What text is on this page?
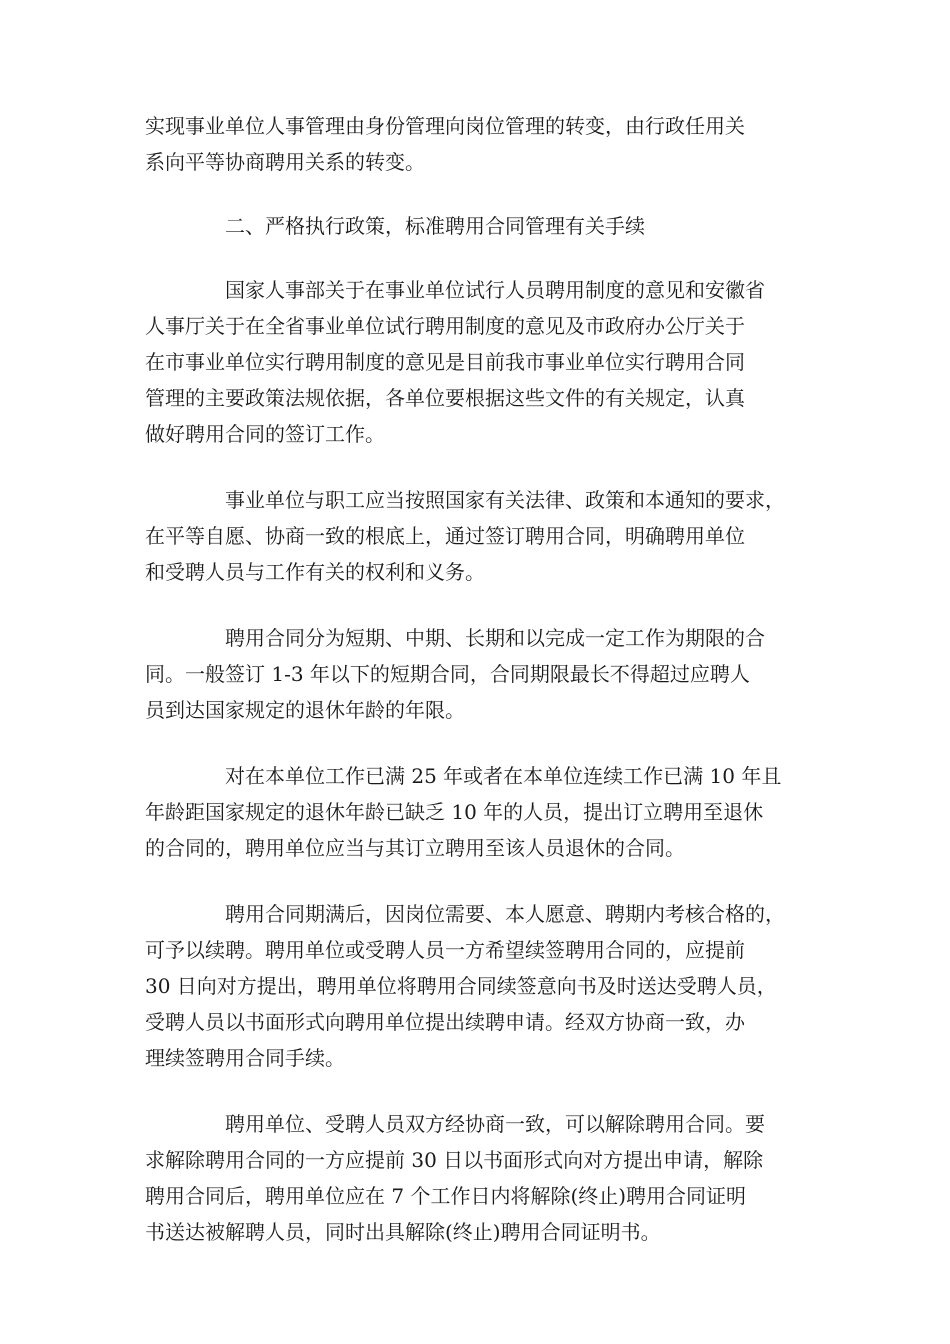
实现事业单位人事管理由身份管理向岗位管理的转变，由行政任用关
系向平等协商聘用关系的转变。
二、严格执行政策，标准聘用合同管理有关手续
国家人事部关于在事业单位试行人员聘用制度的意见和安徽省
人事厅关于在全省事业单位试行聘用制度的意见及市政府办公厅关于
在市事业单位实行聘用制度的意见是目前我市事业单位实行聘用合同
管理的主要政策法规依据，各单位要根据这些文件的有关规定，认真
做好聘用合同的签订工作。
事业单位与职工应当按照国家有关法律、政策和本通知的要求，
在平等自愿、协商一致的根底上，通过签订聘用合同，明确聘用单位
和受聘人员与工作有关的权利和义务。
聘用合同分为短期、中期、长期和以完成一定工作为期限的合
同。一般签订 1-3 年以下的短期合同，合同期限最长不得超过应聘人
员到达国家规定的退休年龄的年限。
对在本单位工作已满 25 年或者在本单位连续工作已满 10 年且
年龄距国家规定的退休年龄已缺乏 10 年的人员，提出订立聘用至退休
的合同的，聘用单位应当与其订立聘用至该人员退休的合同。
聘用合同期满后，因岗位需要、本人愿意、聘期内考核合格的，
可予以续聘。聘用单位或受聘人员一方希望续签聘用合同的，应提前
30 日向对方提出，聘用单位将聘用合同续签意向书及时送达受聘人员，
受聘人员以书面形式向聘用单位提出续聘申请。经双方协商一致，办
理续签聘用合同手续。
聘用单位、受聘人员双方经协商一致，可以解除聘用合同。要
求解除聘用合同的一方应提前 30 日以书面形式向对方提出申请，解除
聘用合同后，聘用单位应在 7 个工作日内将解除(终止)聘用合同证明
书送达被解聘人员，同时出具解除(终止)聘用合同证明书。
